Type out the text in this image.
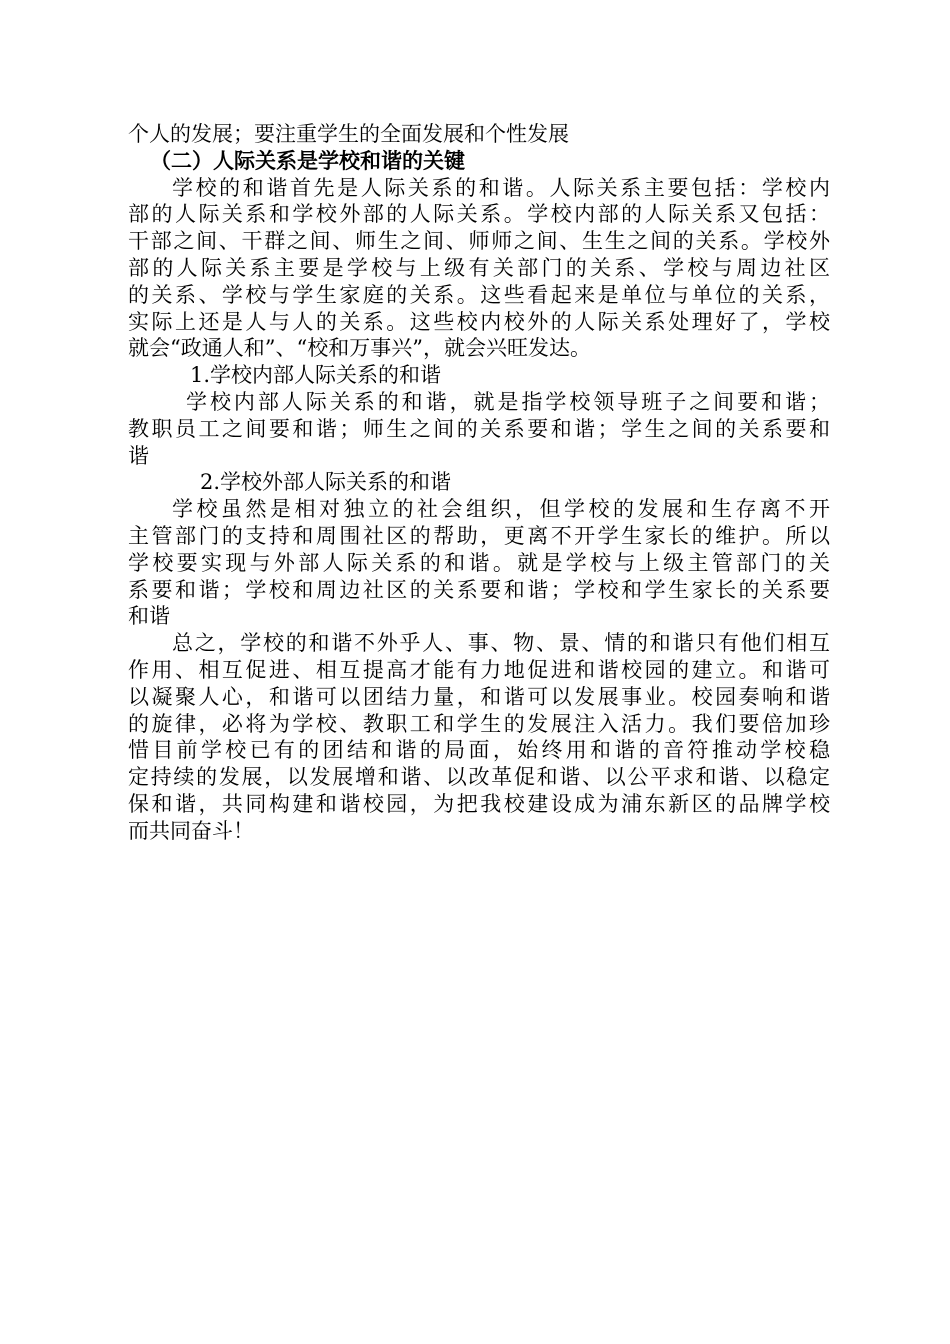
个人的发展；要注重学生的全面发展和个性发展
（二）人际关系是学校和谐的关键
学校的和谐首先是人际关系的和谐。人际关系主要包括：学校内
部的人际关系和学校外部的人际关系。学校内部的人际关系又包括：
干部之间、干群之间、师生之间、师师之间、生生之间的关系。学校外
部的人际关系主要是学校与上级有关部门的关系、学校与周边社区
的关系、学校与学生家庭的关系。这些看起来是单位与单位的关系，
实际上还是人与人的关系。这些校内校外的人际关系处理好了，学校
就会“政通人和”、“校和万事兴”，就会兴旺发达。
1.学校内部人际关系的和谐
学校内部人际关系的和谐，就是指学校领导班子之间要和谐；
教职员工之间要和谐；师生之间的关系要和谐；学生之间的关系要和
谐
2.学校外部人际关系的和谐
学校虽然是相对独立的社会组织，但学校的发展和生存离不开
主管部门的支持和周围社区的帮助，更离不开学生家长的维护。所以
学校要实现与外部人际关系的和谐。就是学校与上级主管部门的关
系要和谐；学校和周边社区的关系要和谐；学校和学生家长的关系要
和谐
总之，学校的和谐不外乎人、事、物、景、情的和谐只有他们相互
作用、相互促进、相互提高才能有力地促进和谐校园的建立。和谐可
以凝聚人心，和谐可以团结力量，和谐可以发展事业。校园奏响和谐
的旋律，必将为学校、教职工和学生的发展注入活力。我们要倍加珍
惜目前学校已有的团结和谐的局面，始终用和谐的音符推动学校稳
定持续的发展，以发展增和谐、以改革促和谐、以公平求和谐、以稳定
保和谐，共同构建和谐校园，为把我校建设成为浦东新区的品牌学校
而共同奋斗！
